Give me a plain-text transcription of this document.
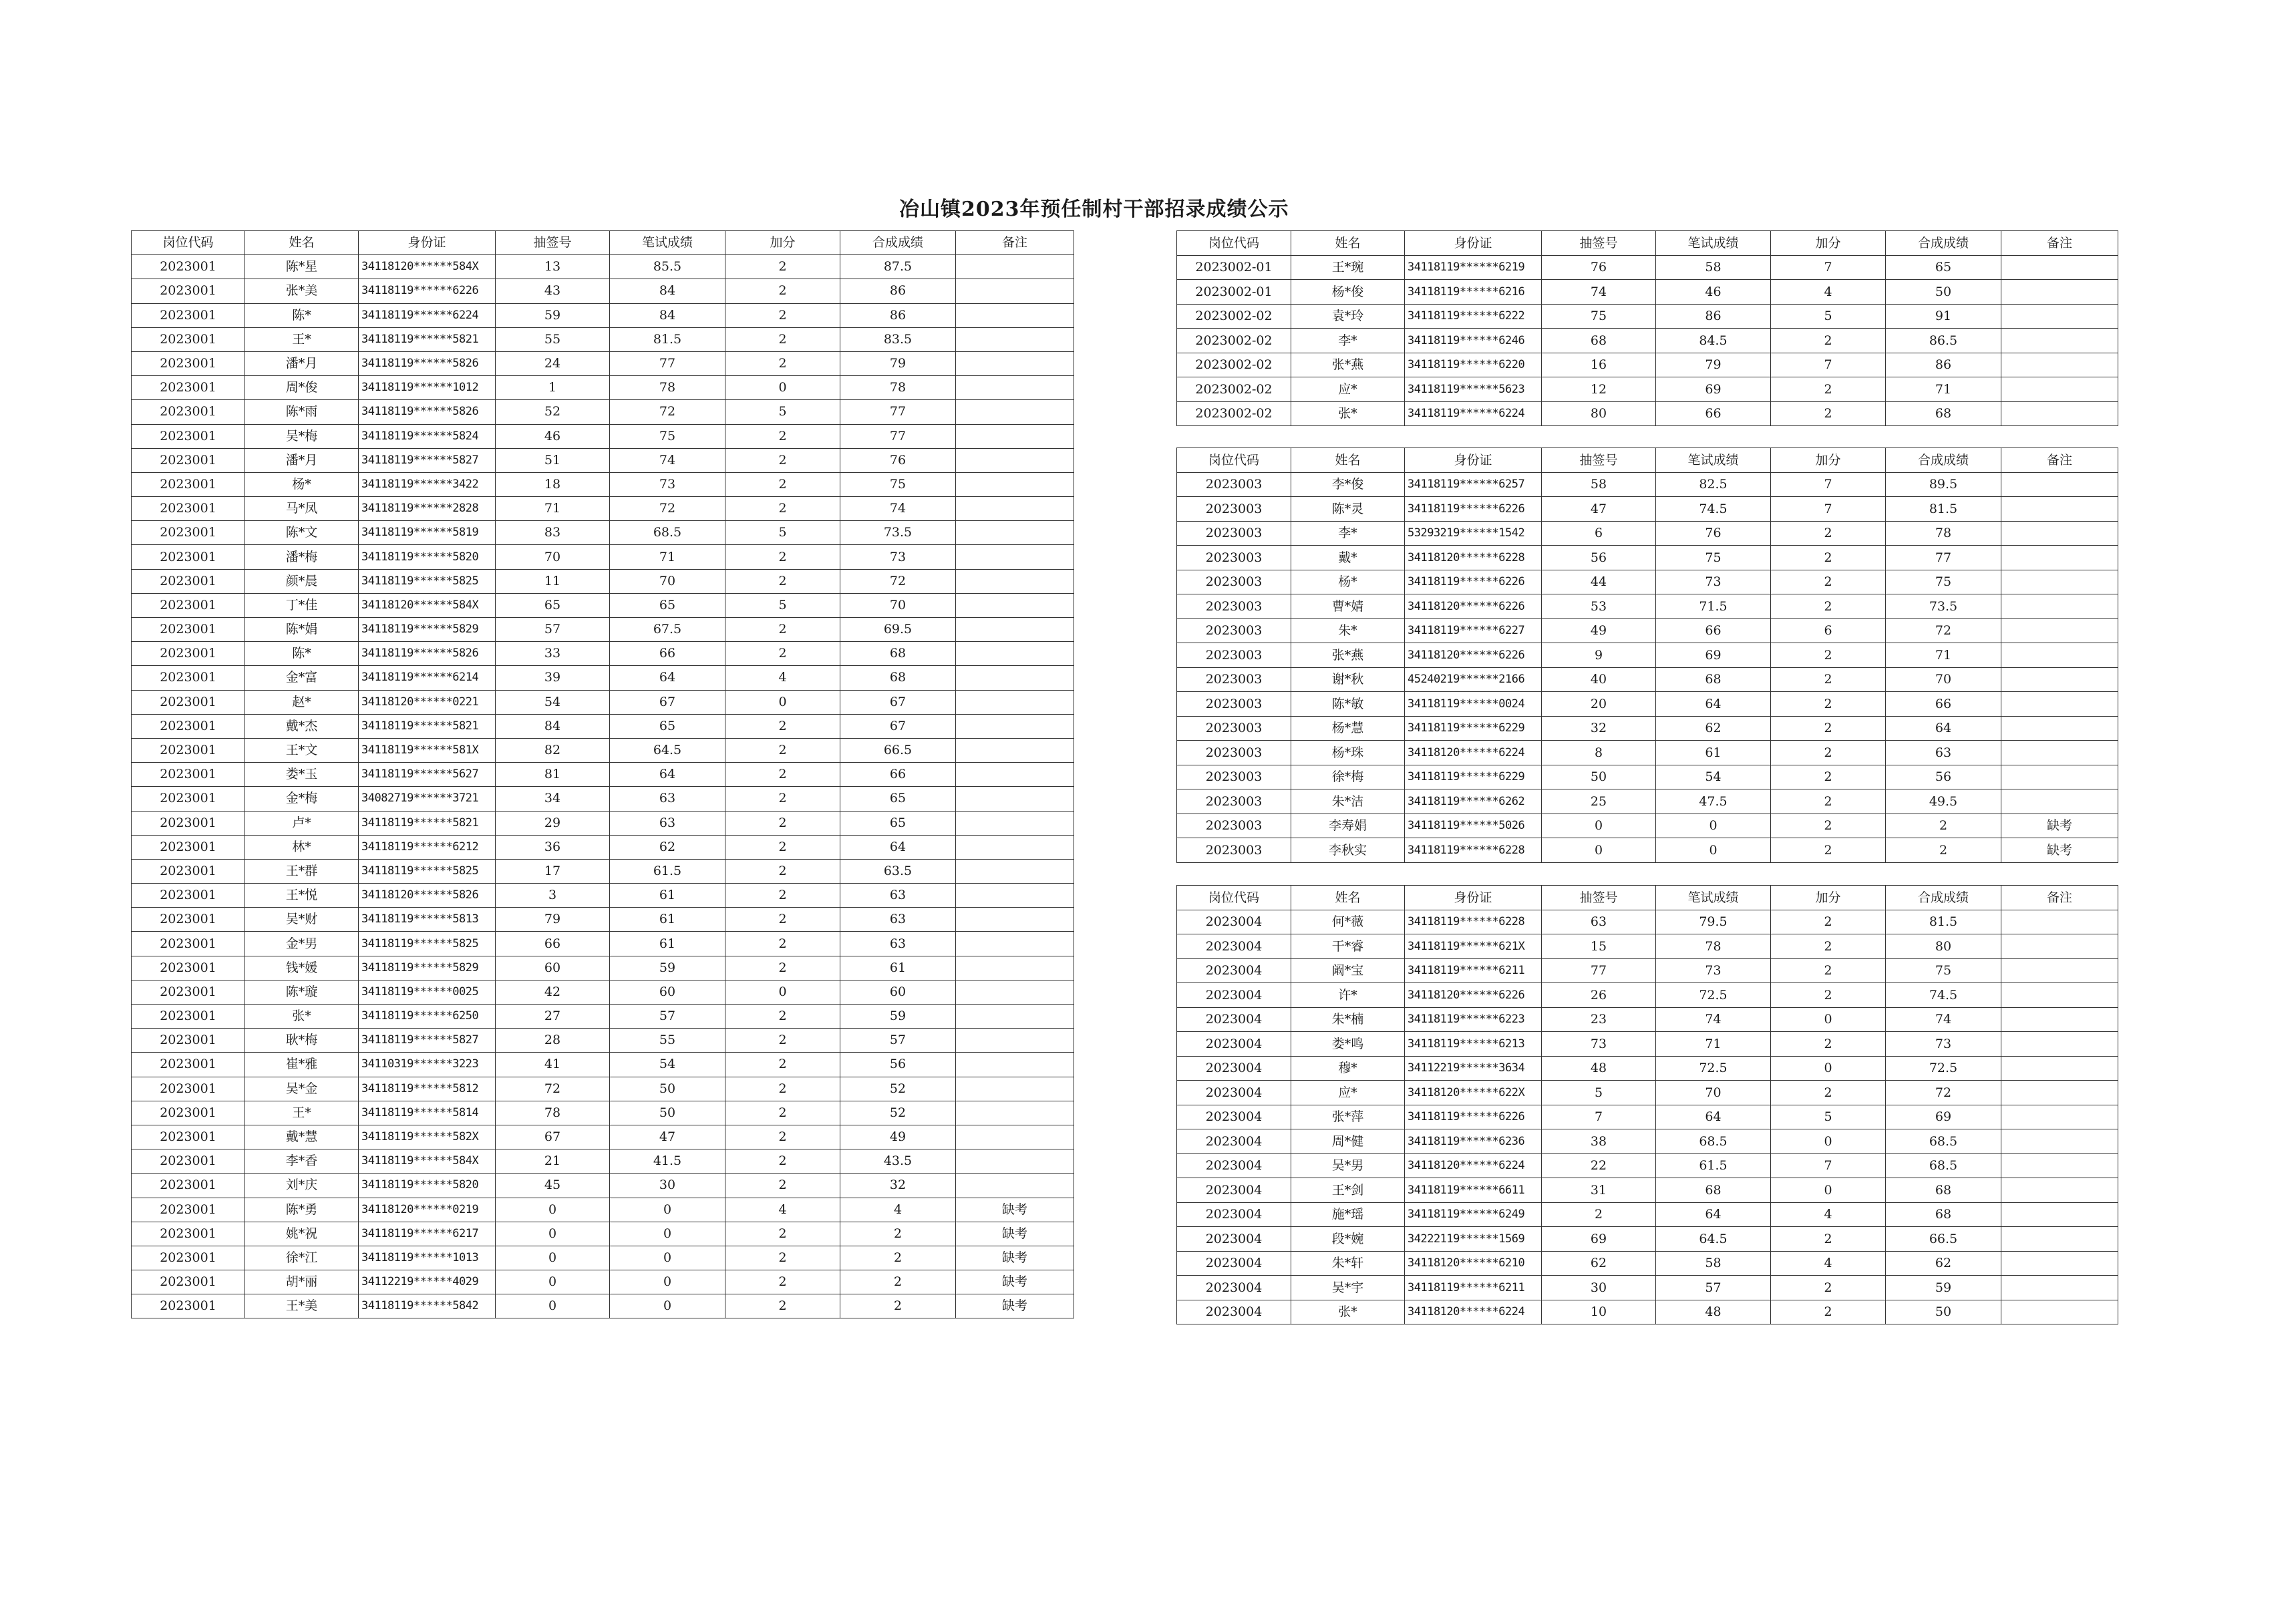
冶山镇2023年预任制村干部招录成绩公示
岗位代码	姓名	身份证	抽签号	笔试成绩	加分	合成成绩	备注
2023001	陈*星	34118120******584X	13	85.5	2	87.5	
2023001	张*美	34118119******6226	43	84	2	86	
2023001	陈*	34118119******6224	59	84	2	86	
2023001	王*	34118119******5821	55	81.5	2	83.5	
2023001	潘*月	34118119******5826	24	77	2	79	
2023001	周*俊	34118119******1012	1	78	0	78	
2023001	陈*雨	34118119******5826	52	72	5	77	
2023001	吴*梅	34118119******5824	46	75	2	77	
2023001	潘*月	34118119******5827	51	74	2	76	
2023001	杨*	34118119******3422	18	73	2	75	
2023001	马*凤	34118119******2828	71	72	2	74	
2023001	陈*文	34118119******5819	83	68.5	5	73.5	
2023001	潘*梅	34118119******5820	70	71	2	73	
2023001	颜*晨	34118119******5825	11	70	2	72	
2023001	丁*佳	34118120******584X	65	65	5	70	
2023001	陈*娟	34118119******5829	57	67.5	2	69.5	
2023001	陈*	34118119******5826	33	66	2	68	
2023001	金*富	34118119******6214	39	64	4	68	
2023001	赵*	34118120******0221	54	67	0	67	
2023001	戴*杰	34118119******5821	84	65	2	67	
2023001	王*文	34118119******581X	82	64.5	2	66.5	
2023001	娄*玉	34118119******5627	81	64	2	66	
2023001	金*梅	34082719******3721	34	63	2	65	
2023001	卢*	34118119******5821	29	63	2	65	
2023001	林*	34118119******6212	36	62	2	64	
2023001	王*群	34118119******5825	17	61.5	2	63.5	
2023001	王*悦	34118120******5826	3	61	2	63	
2023001	吴*财	34118119******5813	79	61	2	63	
2023001	金*男	34118119******5825	66	61	2	63	
2023001	钱*媛	34118119******5829	60	59	2	61	
2023001	陈*璇	34118119******0025	42	60	0	60	
2023001	张*	34118119******6250	27	57	2	59	
2023001	耿*梅	34118119******5827	28	55	2	57	
2023001	崔*雅	34110319******3223	41	54	2	56	
2023001	吴*金	34118119******5812	72	50	2	52	
2023001	王*	34118119******5814	78	50	2	52	
2023001	戴*慧	34118119******582X	67	47	2	49	
2023001	李*香	34118119******584X	21	41.5	2	43.5	
2023001	刘*庆	34118119******5820	45	30	2	32	
2023001	陈*勇	34118120******0219	0	0	4	4	缺考
2023001	姚*祝	34118119******6217	0	0	2	2	缺考
2023001	徐*江	34118119******1013	0	0	2	2	缺考
2023001	胡*丽	34112219******4029	0	0	2	2	缺考
2023001	王*美	34118119******5842	0	0	2	2	缺考
岗位代码	姓名	身份证	抽签号	笔试成绩	加分	合成成绩	备注
2023002-01	王*琬	34118119******6219	76	58	7	65	
2023002-01	杨*俊	34118119******6216	74	46	4	50	
2023002-02	袁*玲	34118119******6222	75	86	5	91	
2023002-02	李*	34118119******6246	68	84.5	2	86.5	
2023002-02	张*燕	34118119******6220	16	79	7	86	
2023002-02	应*	34118119******5623	12	69	2	71	
2023002-02	张*	34118119******6224	80	66	2	68	
岗位代码	姓名	身份证	抽签号	笔试成绩	加分	合成成绩	备注
2023003	李*俊	34118119******6257	58	82.5	7	89.5	
2023003	陈*灵	34118119******6226	47	74.5	7	81.5	
2023003	李*	53293219******1542	6	76	2	78	
2023003	戴*	34118120******6228	56	75	2	77	
2023003	杨*	34118119******6226	44	73	2	75	
2023003	曹*婧	34118120******6226	53	71.5	2	73.5	
2023003	朱*	34118119******6227	49	66	6	72	
2023003	张*燕	34118120******6226	9	69	2	71	
2023003	谢*秋	45240219******2166	40	68	2	70	
2023003	陈*敏	34118119******0024	20	64	2	66	
2023003	杨*慧	34118119******6229	32	62	2	64	
2023003	杨*珠	34118120******6224	8	61	2	63	
2023003	徐*梅	34118119******6229	50	54	2	56	
2023003	朱*洁	34118119******6262	25	47.5	2	49.5	
2023003	李寿娟	34118119******5026	0	0	2	2	缺考
2023003	李秋实	34118119******6228	0	0	2	2	缺考
岗位代码	姓名	身份证	抽签号	笔试成绩	加分	合成成绩	备注
2023004	何*薇	34118119******6228	63	79.5	2	81.5	
2023004	干*睿	34118119******621X	15	78	2	80	
2023004	阚*宝	34118119******6211	77	73	2	75	
2023004	许*	34118120******6226	26	72.5	2	74.5	
2023004	朱*楠	34118119******6223	23	74	0	74	
2023004	娄*鸣	34118119******6213	73	71	2	73	
2023004	穆*	34112219******3634	48	72.5	0	72.5	
2023004	应*	34118120******622X	5	70	2	72	
2023004	张*萍	34118119******6226	7	64	5	69	
2023004	周*健	34118119******6236	38	68.5	0	68.5	
2023004	吴*男	34118120******6224	22	61.5	7	68.5	
2023004	王*剑	34118119******6611	31	68	0	68	
2023004	施*瑶	34118119******6249	2	64	4	68	
2023004	段*婉	34222119******1569	69	64.5	2	66.5	
2023004	朱*轩	34118120******6210	62	58	4	62	
2023004	吴*宇	34118119******6211	30	57	2	59	
2023004	张*	34118120******6224	10	48	2	50	
